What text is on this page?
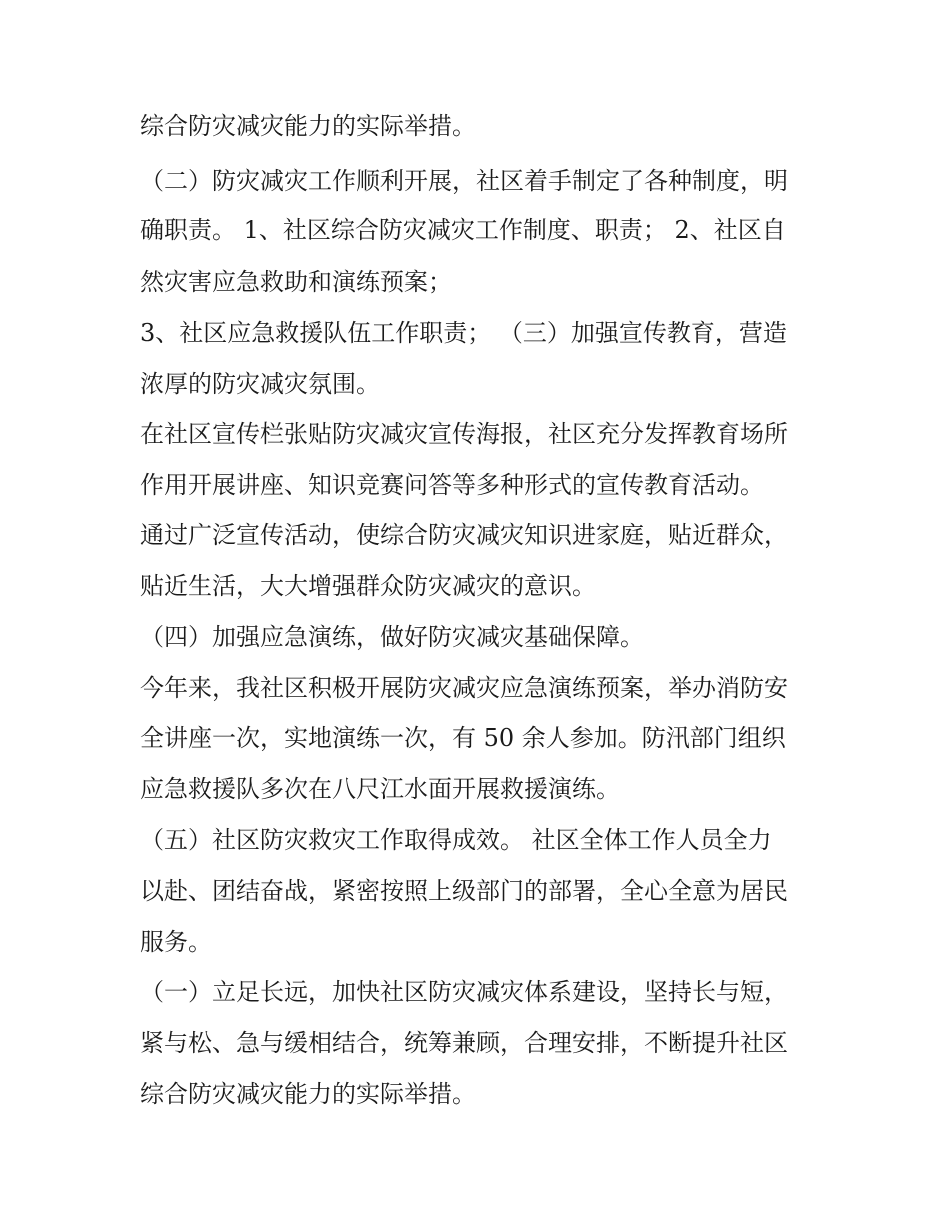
综合防灾减灾能力的实际举措。

（二）防灾减灾工作顺利开展，社区着手制定了各种制度，明

确职责。 1、社区综合防灾减灾工作制度、职责； 2、社区自

然灾害应急救助和演练预案；

3、社区应急救援队伍工作职责； （三）加强宣传教育，营造

浓厚的防灾减灾氛围。

在社区宣传栏张贴防灾减灾宣传海报，社区充分发挥教育场所

作用开展讲座、知识竞赛问答等多种形式的宣传教育活动。

通过广泛宣传活动，使综合防灾减灾知识进家庭，贴近群众，

贴近生活，大大增强群众防灾减灾的意识。

（四）加强应急演练，做好防灾减灾基础保障。

今年来，我社区积极开展防灾减灾应急演练预案，举办消防安

全讲座一次，实地演练一次，有 50 余人参加。防汛部门组织

应急救援队多次在八尺江水面开展救援演练。

（五）社区防灾救灾工作取得成效。 社区全体工作人员全力

以赴、团结奋战，紧密按照上级部门的部署，全心全意为居民

服务。

（一）立足长远，加快社区防灾减灾体系建设，坚持长与短，

紧与松、急与缓相结合，统筹兼顾，合理安排，不断提升社区

综合防灾减灾能力的实际举措。
